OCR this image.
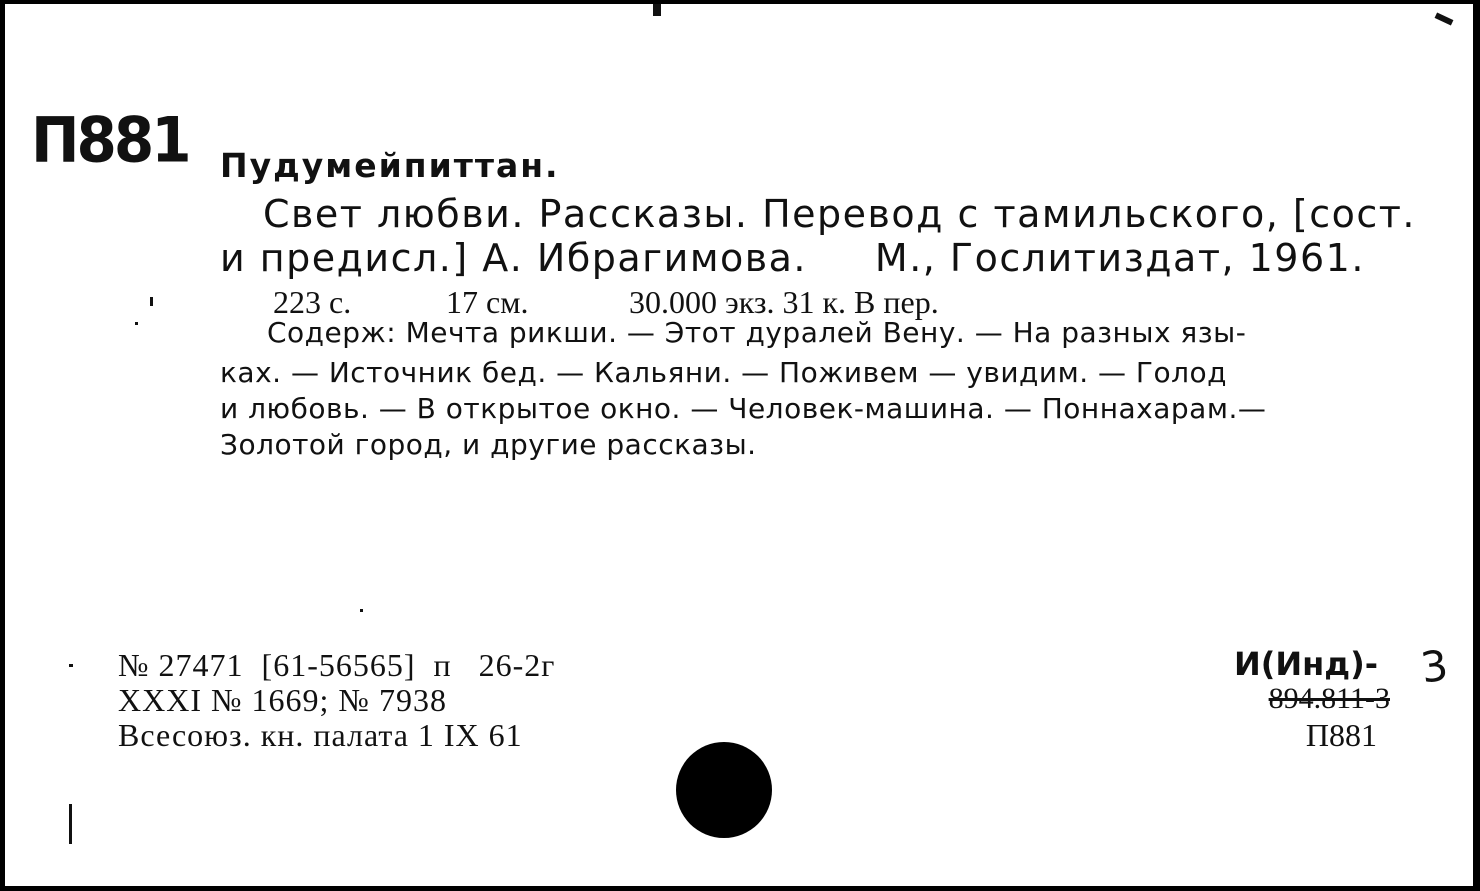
П881 Пудумейпиттан.
Свет любви. Рассказы. Перевод с тамильского, [сост.
и предисл.] А. Ибрагимова.     М., Гослитиздат, 1961.
223 с.	17 см.	30.000 экз. 31 к. В пер.
Содерж: Мечта рикши. — Этот дуралей Вену. — На разных язы-
ках. — Источник бед. — Кальяни. — Поживем — увидим. — Голод
и любовь. — В открытое окно. — Человек-машина. — Поннахарам.—
Золотой город, и другие рассказы.
№ 27471  [61-56565]  п   26-2г
XXXI № 1669; № 7938
Всесоюз. кн. палата 1 IX 61
И(Инд)- 3
894.811-3
П881
